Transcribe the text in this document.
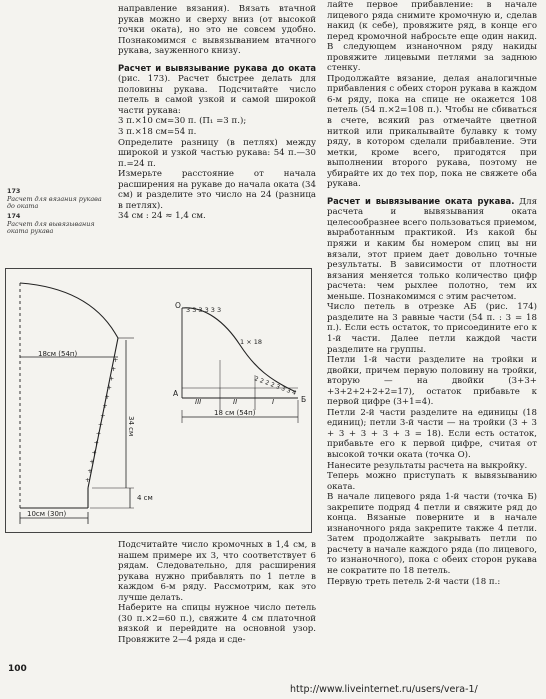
направление вязания). Вязать втачной рукав можно и сверху вниз (от высокой точки оката), но это не совсем удобно. Познакомимся с вывязыванием втачного рукава, зауженного книзу.

Расчет и вывязывание рукава до оката (рис. 173). Расчет быстрее делать для половины рукава. Подсчитайте число петель в самой узкой и самой широкой части рукава:

3 п.×10 см=30 п. (П₁ =3 п.);

3 п.×18 см=54 п.

Определите разницу (в петлях) между широкой и узкой частью рукава: 54 п.—30 п.=24 п.

Измерьте расстояние от начала расширения на рукаве до начала оката (34 см) и разделите это число на 24 (разница в петлях).

34 см : 24 ≈ 1,4 см.

173
Расчет для вязания рукава до оката
174
Расчет для вывязывания оката рукава
+
+
+
+
+
+
+
+
+
+
+
+
+
+
18см (54п)
34 см
4 см
10см (30п)
О 3 3 3 3 3 3
1 × 18
2 2 2 2 3 3 3 4
А
Б
III	II	I
18 см (54п)

Подсчитайте число кромочных в 1,4 см, в нашем примере их 3, что соответствует 6 рядам. Следовательно, для расширения рукава нужно прибавлять по 1 петле в каждом 6-м ряду. Рассмотрим, как это лучше делать.

Наберите на спицы нужное число петель (30 п.×2=60 п.), свяжите 4 см платочной вязкой и перейдите на основной узор. Провяжите 2—4 ряда и сде-

лайте первое прибавление: в начале лицевого ряда снимите кромочную и, сделав накид (к себе), провяжите ряд, в конце его перед кромочной набросьте еще один накид. В следующем изнаночном ряду накиды провяжите лицевыми петлями за заднюю стенку.

Продолжайте вязание, делая аналогичные прибавления с обеих сторон рукава в каждом 6-м ряду, пока на спице не окажется 108 петель (54 п.×2=108 п.). Чтобы не сбиваться в счете, всякий раз отмечайте цветной ниткой или прикалывайте булавку к тому ряду, в котором сделали прибавление. Эти метки, кроме всего, пригодятся при выполнении второго рукава, поэтому не убирайте их до тех пор, пока не свяжете оба рукава.

Расчет и вывязывание оката рукава. Для расчета и вывязывания оката целесообразнее всего пользоваться приемом, выработанным практикой. Из какой бы пряжи и каким бы номером спиц вы ни вязали, этот прием дает довольно точные результаты. В зависимости от плотности вязания меняется только количество цифр расчета: чем рыхлее полотно, тем их меньше. Познакомимся с этим расчетом.

Число петель в отрезке АБ (рис. 174) разделите на 3 равные части (54 п. : 3 = 18 п.). Если есть остаток, то присоедините его к 1-й части. Далее петли каждой части разделите на группы.

Петли 1-й части разделите на тройки и двойки, причем первую половину на тройки, вторую — на двойки (3+3+ +3+2+2+2+2=17), остаток прибавьте к первой цифре (3+1=4).

Петли 2-й части разделите на единицы (18 единиц); петли 3-й части — на тройки (3 + 3 + 3 + 3 + 3 + 3 = 18). Если есть остаток, прибавьте его к первой цифре, считая от высокой точки оката (точка О).

Нанесите результаты расчета на выкройку.

Теперь можно приступать к вывязыванию оката.

В начале лицевого ряда 1-й части (точка Б) закрепите подряд 4 петли и свяжите ряд до конца. Вязаные поверните и в начале изнаночного ряда закрепите также 4 петли. Затем продолжайте закрывать петли по расчету в начале каждого ряда (по лицевого, то изнаночного), пока с обеих сторон рукава не сократите по 18 петель.

Первую треть петель 2-й части (18 п.:

100
http://www.liveinternet.ru/users/vera-1/
